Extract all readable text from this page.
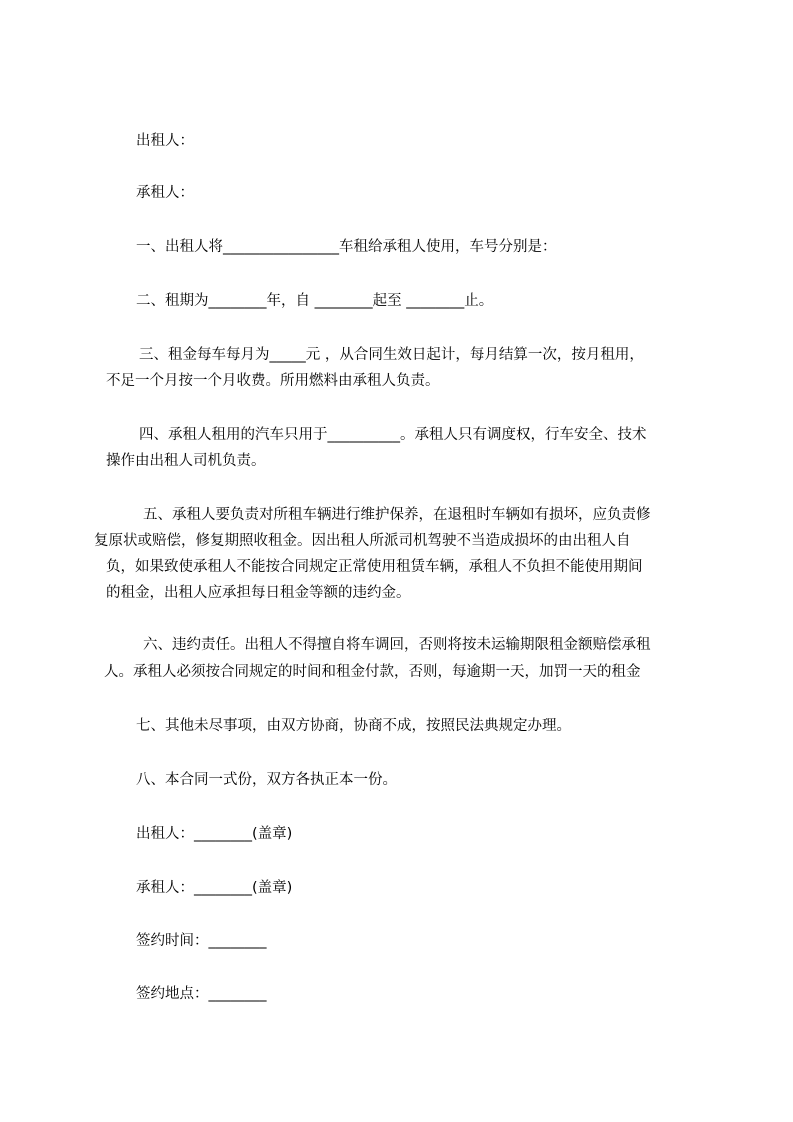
出租人：
承租人：
一、出租人将________________车租给承租人使用，车号分别是：
二、租期为________年，自 ________起至 ________止。
三、租金每车每月为_____元 ，从合同生效日起计，每月结算一次，按月租用，
不足一个月按一个月收费。所用燃料由承租人负责。
四、承租人租用的汽车只用于__________。承租人只有调度权，行车安全、技术
操作由出租人司机负责。
五、承租人要负责对所租车辆进行维护保养，在退租时车辆如有损坏，应负责修
复原状或赔偿，修复期照收租金。因出租人所派司机驾驶不当造成损坏的由出租人自
负，如果致使承租人不能按合同规定正常使用租赁车辆，承租人不负担不能使用期间
的租金，出租人应承担每日租金等额的违约金。
六、违约责任。出租人不得擅自将车调回，否则将按未运输期限租金额赔偿承租
人。承租人必须按合同规定的时间和租金付款，否则，每逾期一天，加罚一天的租金
七、其他未尽事项，由双方协商，协商不成，按照民法典规定办理。
八、本合同一式份，双方各执正本一份。
出租人：________(盖章)
承租人：________(盖章)
签约时间：________
签约地点：________
